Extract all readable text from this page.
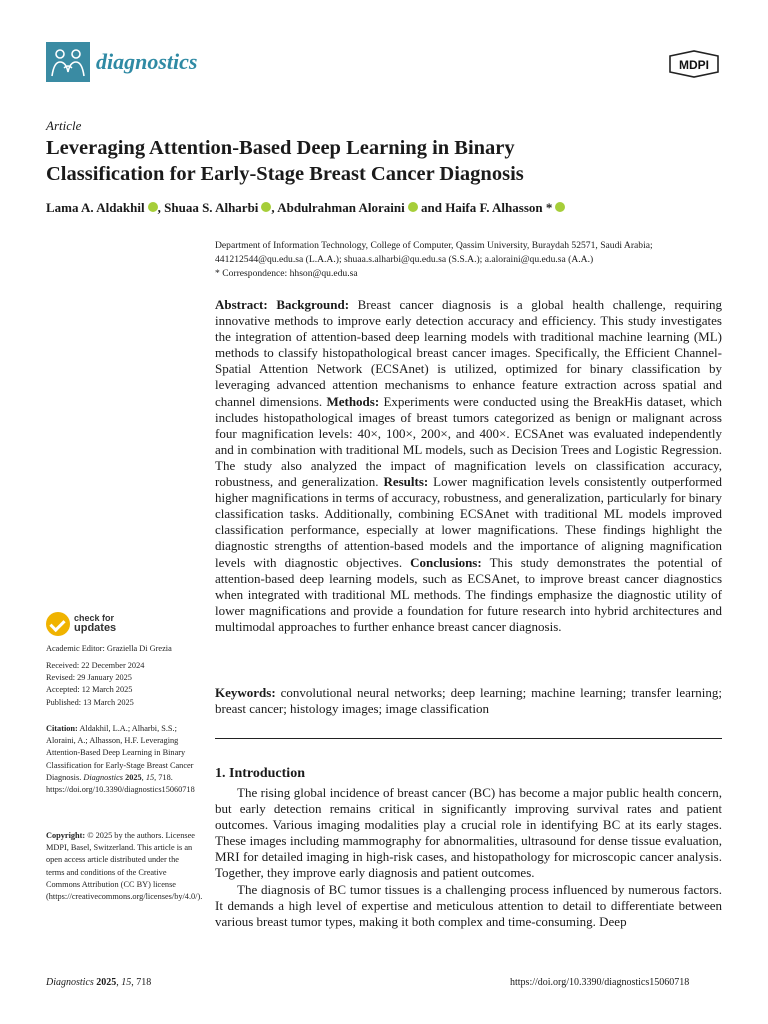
diagnostics	MDPI
Article
Leveraging Attention-Based Deep Learning in Binary
Classification for Early-Stage Breast Cancer Diagnosis
Lama A. Aldakhil , Shuaa S. Alharbi , Abdulrahman Aloraini and Haifa F. Alhasson *
Department of Information Technology, College of Computer, Qassim University, Buraydah 52571, Saudi Arabia;
441212544@qu.edu.sa (L.A.A.); shuaa.s.alharbi@qu.edu.sa (S.S.A.); a.aloraini@qu.edu.sa (A.A.)
* Correspondence: hhson@qu.edu.sa
Abstract: Background: Breast cancer diagnosis is a global health challenge, requiring innovative methods to improve early detection accuracy and efficiency. This study investigates the integration of attention-based deep learning models with traditional machine learning (ML) methods to classify histopathological breast cancer images. Specifically, the Efficient Channel-Spatial Attention Network (ECSAnet) is utilized, optimized for binary classification by leveraging advanced attention mechanisms to enhance feature extraction across spatial and channel dimensions. Methods: Experiments were conducted using the BreakHis dataset, which includes histopathological images of breast tumors categorized as benign or malignant across four magnification levels: 40×, 100×, 200×, and 400×. ECSAnet was evaluated independently and in combination with traditional ML models, such as Decision Trees and Logistic Regression. The study also analyzed the impact of magnification levels on classification accuracy, robustness, and generalization. Results: Lower magnification levels consistently outperformed higher magnifications in terms of accuracy, robustness, and generalization, particularly for binary classification tasks. Additionally, combining ECSAnet with traditional ML models improved classification performance, especially at lower magnifications. These findings highlight the diagnostic strengths of attention-based models and the importance of aligning magnification levels with diagnostic objectives. Conclusions: This study demonstrates the potential of attention-based deep learning models, such as ECSAnet, to improve breast cancer diagnostics when integrated with traditional ML methods. The findings emphasize the diagnostic utility of lower magnifications and provide a foundation for future research into hybrid architectures and multimodal approaches to further enhance breast cancer diagnosis.
Keywords: convolutional neural networks; deep learning; machine learning; transfer learning; breast cancer; histology images; image classification
1. Introduction

The rising global incidence of breast cancer (BC) has become a major public health concern, but early detection remains critical in significantly improving survival rates and patient outcomes. Various imaging modalities play a crucial role in identifying BC at its early stages. These images including mammography for abnormalities, ultrasound for dense tissue evaluation, MRI for detailed imaging in high-risk cases, and histopathology for microscopic cancer analysis. Together, they improve early diagnosis and patient outcomes.

The diagnosis of BC tumor tissues is a challenging process influenced by numerous factors. It demands a high level of expertise and meticulous attention to detail to differentiate between various breast tumor types, making it both complex and time-consuming. Deep

check for
updates
Academic Editor: Graziella Di Grezia
Received: 22 December 2024
Revised: 29 January 2025
Accepted: 12 March 2025
Published: 13 March 2025
Citation: Aldakhil, L.A.; Alharbi, S.S.; Aloraini, A.; Alhasson, H.F. Leveraging Attention-Based Deep Learning in Binary Classification for Early-Stage Breast Cancer Diagnosis. Diagnostics 2025, 15, 718. https://doi.org/10.3390/diagnostics15060718
Copyright: © 2025 by the authors. Licensee MDPI, Basel, Switzerland. This article is an open access article distributed under the terms and conditions of the Creative Commons Attribution (CC BY) license (https://creativecommons.org/licenses/by/4.0/).
Diagnostics 2025, 15, 718	https://doi.org/10.3390/diagnostics15060718
